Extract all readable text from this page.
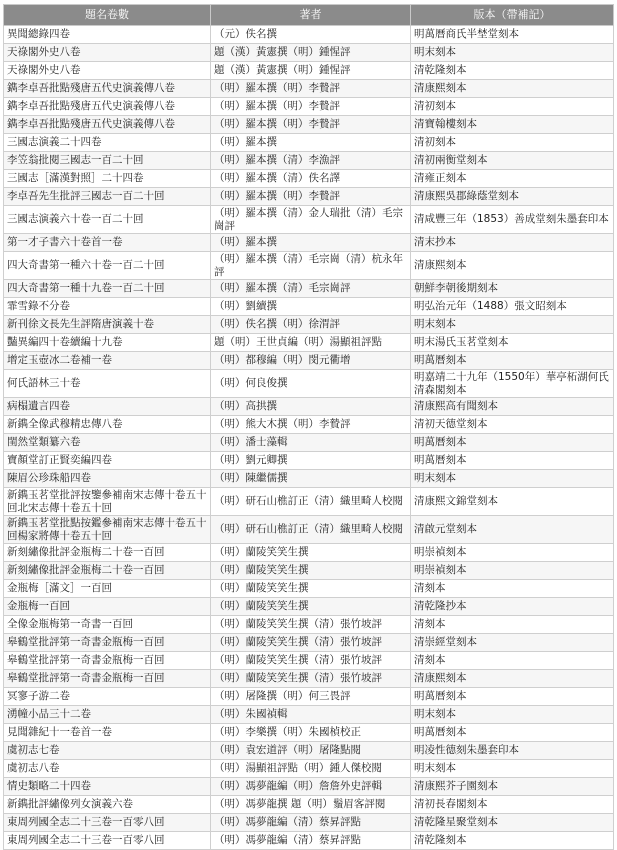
題名卷數	著者	版本（帶補記）
異聞總錄四卷	（元）佚名撰	明萬曆商氏半埜堂刻本
天祿閣外史八卷	題（漢）黃憲撰（明）鍾惺評	明末刻本
天祿閣外史八卷	題（漢）黃憲撰（明）鍾惺評	清乾隆刻本
鐫李卓吾批點殘唐五代史演義傳八卷	（明）羅本撰（明）李贄評	清康熙刻本
鐫李卓吾批點殘唐五代史演義傳八卷	（明）羅本撰（明）李贄評	清初刻本
鐫李卓吾批點殘唐五代史演義傳八卷	（明）羅本撰（明）李贄評	清寶翰樓刻本
三國志演義二十四卷	（明）羅本撰	清初刻本
李笠翁批閱三國志一百二十回	（明）羅本撰（清）李漁評	清初兩衡堂刻本
三國志［滿漢對照］二十四卷	（明）羅本撰（清）佚名譯	清雍正刻本
李卓吾先生批評三國志一百二十回	（明）羅本撰（明）李贄評	清康熙吳郡綠蔭堂刻本
三國志演義六十卷一百二十回	（明）羅本撰（清）金人瑞批（清）毛宗崗評	清咸豐三年（1853）善成堂刻朱墨套印本
第一才子書六十卷首一卷	（明）羅本撰	清末抄本
四大奇書第一種六十卷一百二十回	（明）羅本撰（清）毛宗崗（清）杭永年評	清康熙刻本
四大奇書第一種十九卷一百二十回	（明）羅本撰（清）毛宗崗評	朝鮮李朝後期刻本
霏雪錄不分卷	（明）劉續撰	明弘治元年（1488）張文昭刻本
新刊徐文長先生評隋唐演義十卷	（明）佚名撰（明）徐渭評	明末刻本
豔異編四十卷續編十九卷	題（明）王世貞編（明）湯顯祖評點	明末湯氏玉茗堂刻本
增定玉壺冰二卷補一卷	（明）都穆編（明）閔元衢增	明萬曆刻本
何氏語林三十卷	（明）何良俊撰	明嘉靖二十九年（1550年）華亭柘湖何氏清森閣刻本
病榻遺言四卷	（明）高拱撰	清康熙高有聞刻本
新鐫全像武穆精忠傳八卷	（明）熊大木撰（明）李贄評	清初天德堂刻本
閨然堂類纂六卷	（明）潘士藻輯	明萬曆刻本
寶顏堂訂正賢奕編四卷	（明）劉元卿撰	明萬曆刻本
陳眉公珍珠船四卷	（明）陳繼儒撰	明末刻本
新鐫玉茗堂批評按鑒參補南宋志傳十卷五十回北宋志傳十卷五十回	（明）研石山樵訂正（清）織里畸人校閱	清康熙文錦堂刻本
新鐫玉茗堂批點按鑑參補南宋志傳十卷五十回楊家將傳十卷五十回	（明）研石山樵訂正（清）織里畸人校閱	清啟元堂刻本
新刻繡像批評金瓶梅二十卷一百回	（明）蘭陵笑笑生撰	明崇禎刻本
新刻繡像批評金瓶梅二十卷一百回	（明）蘭陵笑笑生撰	明崇禎刻本
金瓶梅［滿文］一百回	（明）蘭陵笑笑生撰	清刻本
金瓶梅一百回	（明）蘭陵笑笑生撰	清乾隆抄本
全像金瓶梅第一奇書一百回	（明）蘭陵笑笑生撰（清）張竹坡評	清刻本
皋鶴堂批評第一奇書金瓶梅一百回	（明）蘭陵笑笑生撰（清）張竹坡評	清崇經堂刻本
皋鶴堂批評第一奇書金瓶梅一百回	（明）蘭陵笑笑生撰（清）張竹坡評	清刻本
皋鶴堂批評第一奇書金瓶梅一百回	（明）蘭陵笑笑生撰（清）張竹坡評	清康熙刻本
冥寥子游二卷	（明）屠隆撰（明）何三畏評	明萬曆刻本
湧幢小品三十二卷	（明）朱國禎輯	明末刻本
見聞雜紀十一卷首一卷	（明）李樂撰（明）朱國楨校正	明萬曆刻本
虞初志七卷	（明）袁宏道評（明）屠隆點閱	明凌性德刻朱墨套印本
虞初志八卷	（明）湯顯祖評點（明）鍾人傑校閱	明末刻本
情史類略二十四卷	（明）馮夢龍編（明）詹詹外史評輯	清康熙芥子園刻本
新鐫批評繡像列女演義六卷	（明）馮夢龍撰 題（明）鬚眉客評閱	清初長春閣刻本
東周列國全志二十三卷一百零八回	（明）馮夢龍編（清）蔡昇評點	清乾隆星聚堂刻本
東周列國全志二十三卷一百零八回	（明）馮夢龍編（清）蔡昇評點	清乾隆刻本
